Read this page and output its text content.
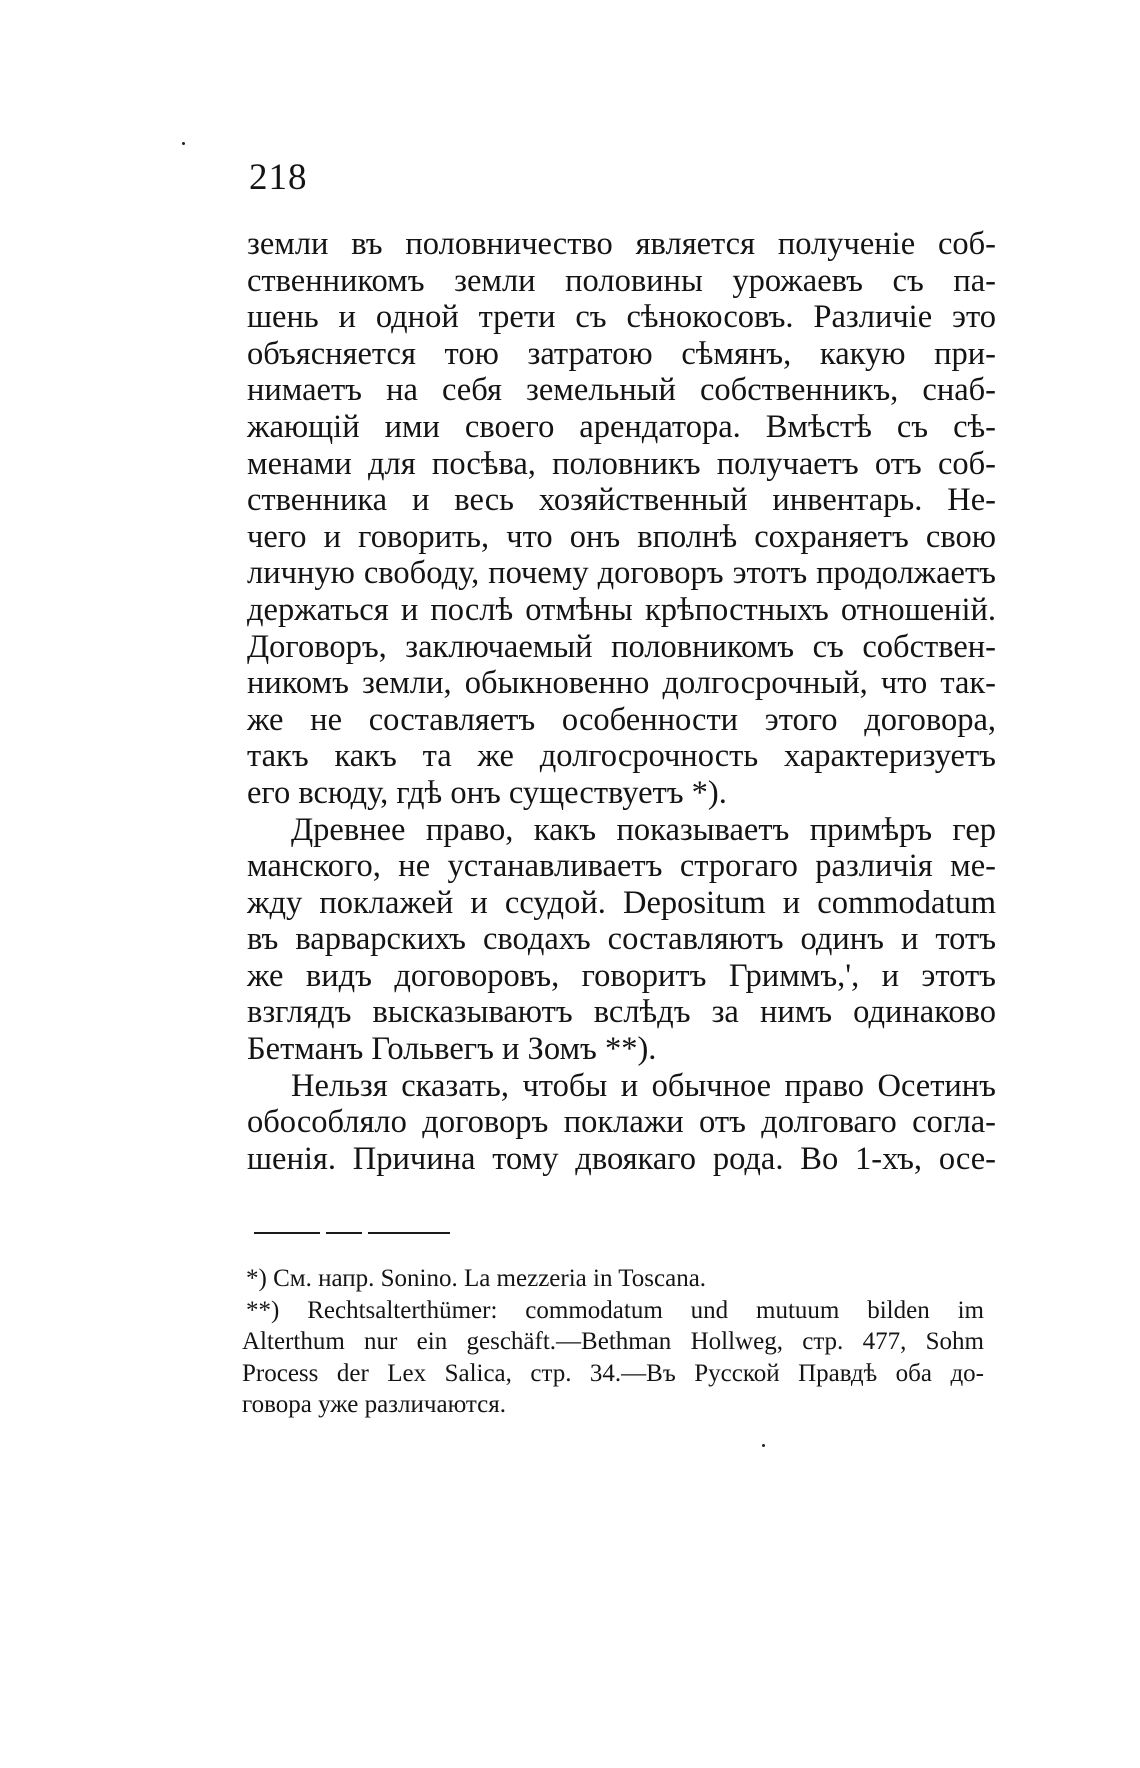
218

земли въ половничество является полученіе соб-
ственникомъ земли половины урожаевъ съ па-
шень и одной трети съ сѣнокосовъ. Различіе это
объясняется тою затратою сѣмянъ, какую при-
нимаетъ на себя земельный собственникъ, снаб-
жающій ими своего арендатора. Вмѣстѣ съ сѣ-
менами для посѣва, половникъ получаетъ отъ соб-
ственника и весь хозяйственный инвентарь. Не-
чего и говорить, что онъ вполнѣ сохраняетъ свою
личную свободу, почему договоръ этотъ продолжаетъ
держаться и послѣ отмѣны крѣпостныхъ отношеній.
Договоръ, заключаемый половникомъ съ собствен-
никомъ земли, обыкновенно долгосрочный, что так-
же не составляетъ особенности этого договора,
такъ какъ та же долгосрочность характеризуетъ
его всюду, гдѣ онъ существуетъ *).

Древнее право, какъ показываетъ примѣръ гер
манского, не устанавливаетъ строгаго различія ме-
жду поклажей и ссудой. Depositum и commodatum
въ варварскихъ сводахъ составляютъ одинъ и тотъ
же видъ договоровъ, говоритъ Гриммъ,', и этотъ
взглядъ высказываютъ вслѣдъ за нимъ одинаково
Бетманъ Гольвегъ и Зомъ **).

Нельзя сказать, чтобы и обычное право Осетинъ
обособляло договоръ поклажи отъ долговаго согла-
шенія. Причина тому двоякаго рода. Во 1-хъ, осе-

*) См. напр. Sonino. La mezzeria in Toscana.
**) Rechtsalterthümer: commodatum und mutuum bilden im
Alterthum nur ein geschäft.—Bethman Hollweg, стр. 477, Sohm
Process der Lex Salica, стр. 34.—Въ Русской Правдѣ оба до-
говора уже различаются.
